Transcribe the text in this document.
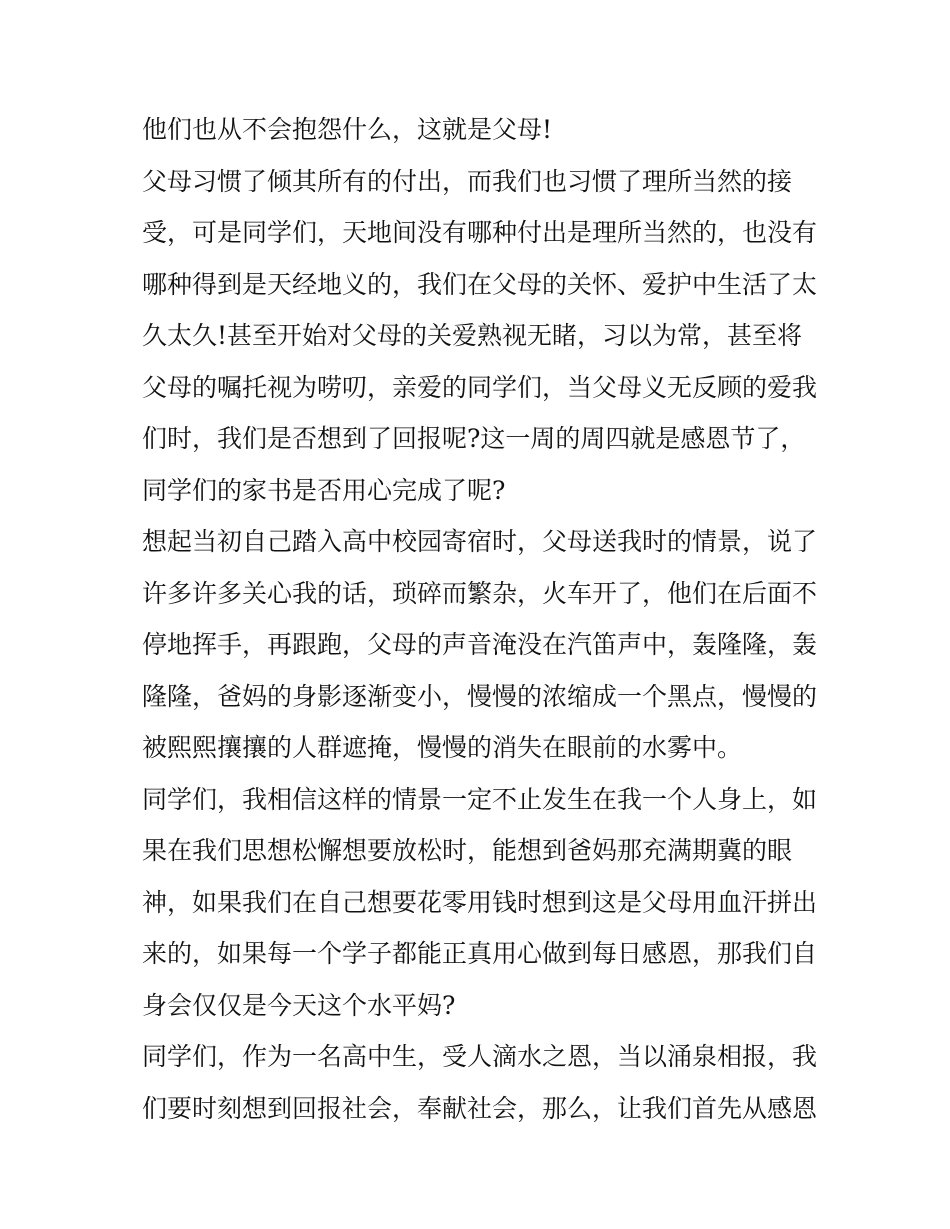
他们也从不会抱怨什么，这就是父母!
父母习惯了倾其所有的付出，而我们也习惯了理所当然的接
受，可是同学们，天地间没有哪种付出是理所当然的，也没有
哪种得到是天经地义的，我们在父母的关怀、爱护中生活了太
久太久!甚至开始对父母的关爱熟视无睹，习以为常，甚至将
父母的嘱托视为唠叨，亲爱的同学们，当父母义无反顾的爱我
们时，我们是否想到了回报呢?这一周的周四就是感恩节了，
同学们的家书是否用心完成了呢?
想起当初自己踏入高中校园寄宿时，父母送我时的情景，说了
许多许多关心我的话，琐碎而繁杂，火车开了，他们在后面不
停地挥手，再跟跑，父母的声音淹没在汽笛声中，轰隆隆，轰
隆隆，爸妈的身影逐渐变小，慢慢的浓缩成一个黑点，慢慢的
被熙熙攘攘的人群遮掩，慢慢的消失在眼前的水雾中。
同学们，我相信这样的情景一定不止发生在我一个人身上，如
果在我们思想松懈想要放松时，能想到爸妈那充满期冀的眼
神，如果我们在自己想要花零用钱时想到这是父母用血汗拼出
来的，如果每一个学子都能正真用心做到每日感恩，那我们自
身会仅仅是今天这个水平妈?
同学们，作为一名高中生，受人滴水之恩，当以涌泉相报，我
们要时刻想到回报社会，奉献社会，那么，让我们首先从感恩
